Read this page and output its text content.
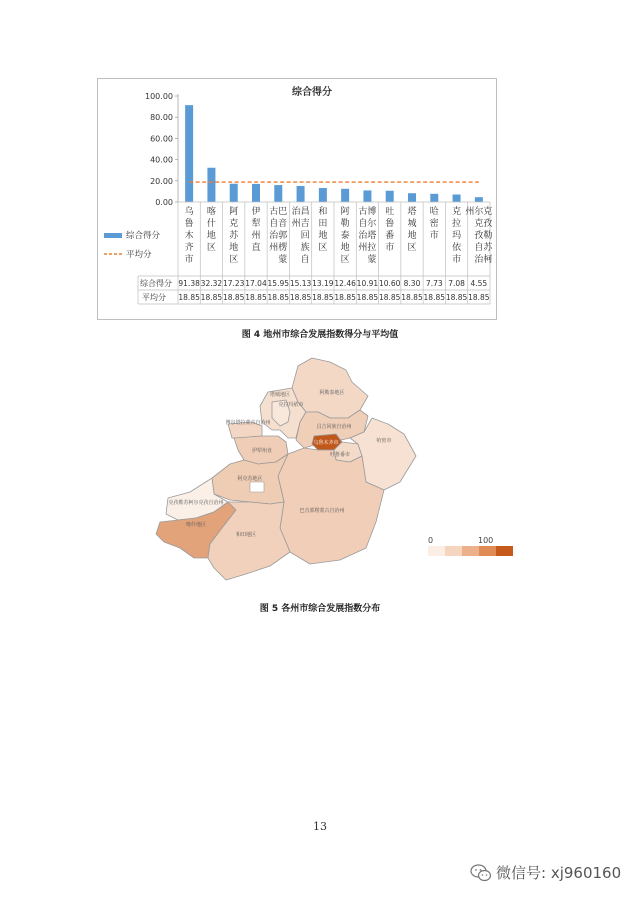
综合得分
100.00
80.00
60.00
40.00
20.00
0.00
乌
鲁
木
齐
市
喀
什
地
区
阿
克
苏
地
区
伊
犁
州
直
巴
音
郭
楞
蒙
古
自
治
州
昌
吉
回
族
自
治
州
和
田
地
区
阿
勒
泰
地
区
博
尔
塔
拉
蒙
古
自
治
州
吐
鲁
番
市
塔
城
地
区
哈
密
市
克
拉
玛
依
市
克
孜
勒
苏
柯
尔
克
孜
自
治
州
综合得分
平均分
综合得分
平均分
91.38 32.32 17.23 17.04 15.95 15.13 13.19 12.46 10.91 10.60 8.30 7.73 7.08 4.55
18.85 18.85 18.85 18.85 18.85 18.85 18.85 18.85 18.85 18.85 18.85 18.85 18.85 18.85
图 4 地州市综合发展指数得分与平均值
阿勒泰地区
塔城地区
克拉玛依市
博尔塔拉蒙古自治州
伊犁州直
昌吉回族自治州
乌鲁木齐市
吐鲁番市
哈密市
巴音郭楞蒙古自治州
阿克苏地区
克孜勒苏柯尔克孜自治州
喀什地区
和田地区
0	100
图 5 各州市综合发展指数分布
13
微信号: xj960160
